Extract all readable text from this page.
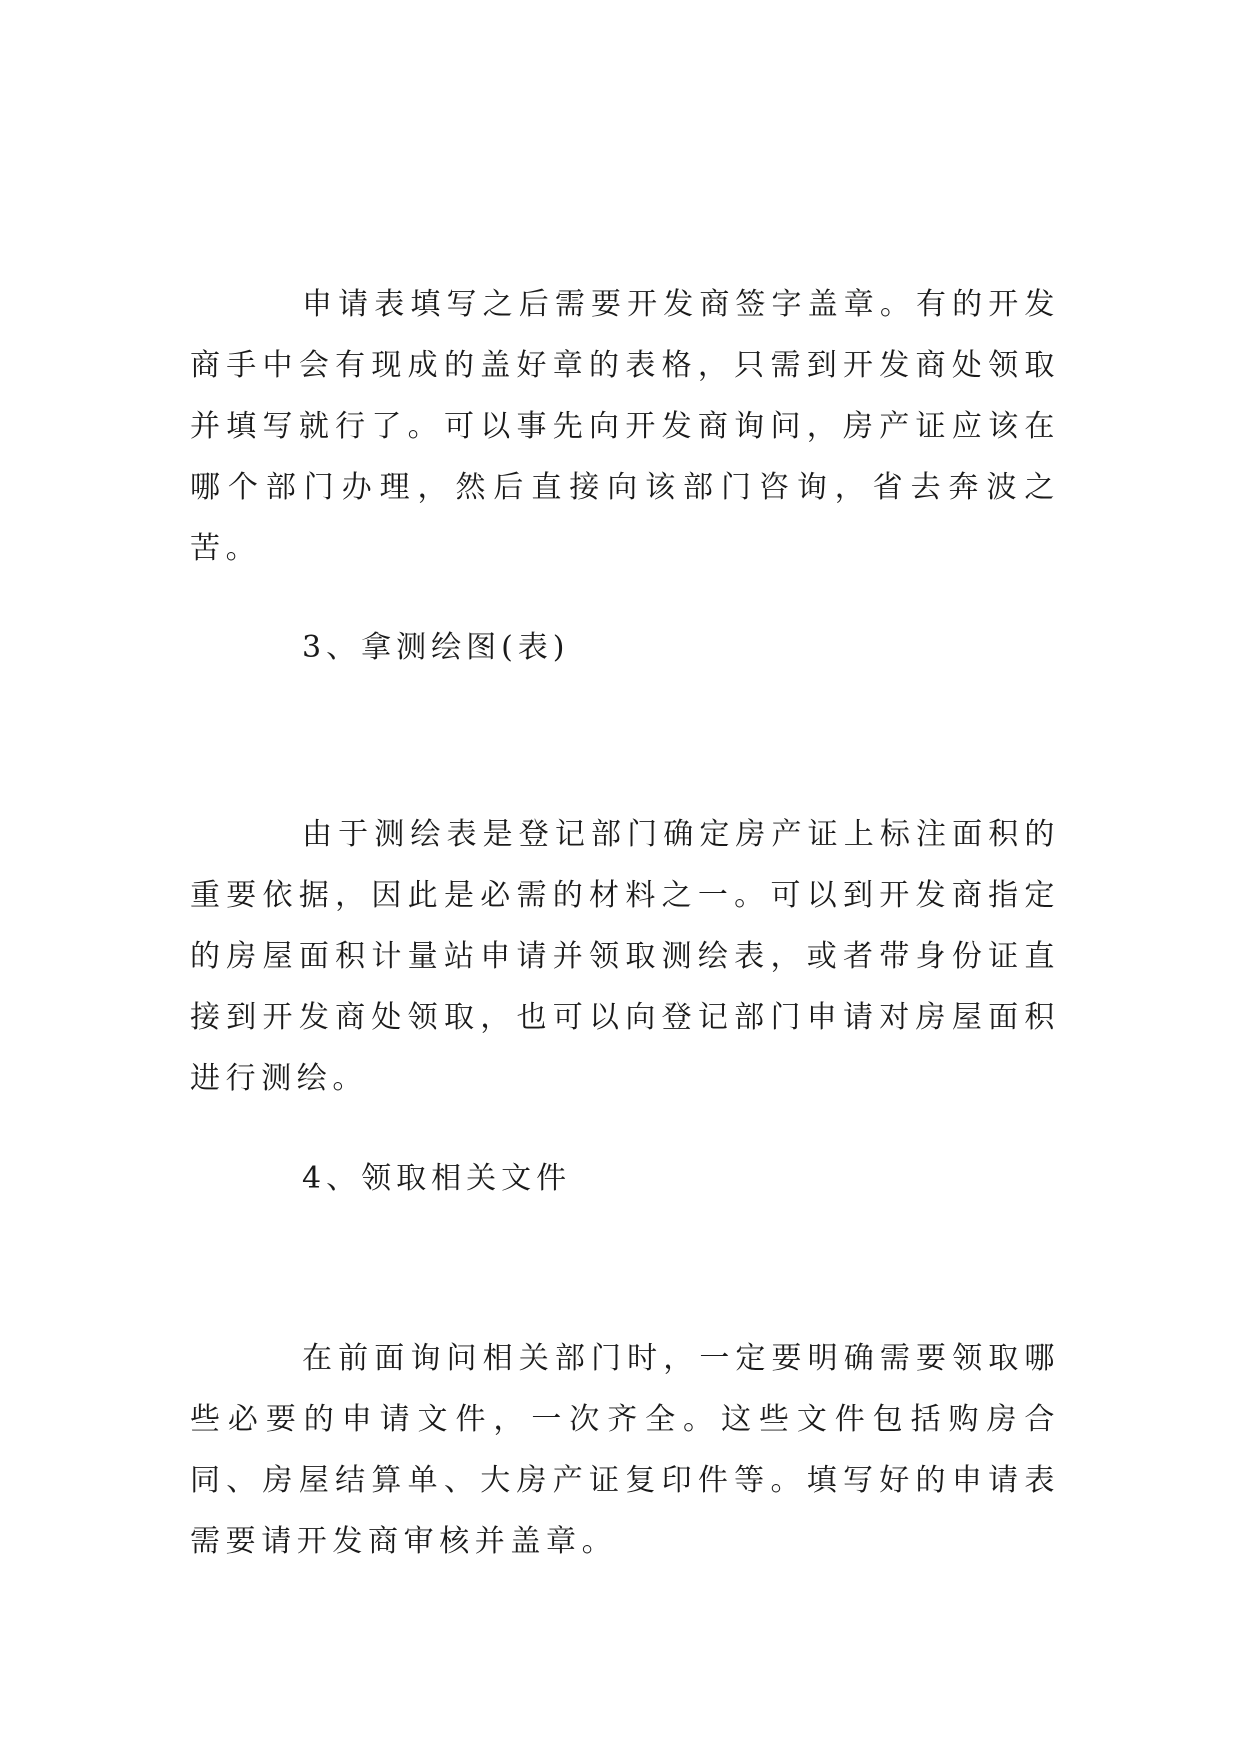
申请表填写之后需要开发商签字盖章。有的开发商手中会有现成的盖好章的表格，只需到开发商处领取并填写就行了。可以事先向开发商询问，房产证应该在哪个部门办理，然后直接向该部门咨询，省去奔波之苦。

3、拿测绘图(表)

由于测绘表是登记部门确定房产证上标注面积的重要依据，因此是必需的材料之一。可以到开发商指定的房屋面积计量站申请并领取测绘表，或者带身份证直接到开发商处领取，也可以向登记部门申请对房屋面积进行测绘。

4、领取相关文件

在前面询问相关部门时，一定要明确需要领取哪些必要的申请文件，一次齐全。这些文件包括购房合同、房屋结算单、大房产证复印件等。填写好的申请表需要请开发商审核并盖章。
